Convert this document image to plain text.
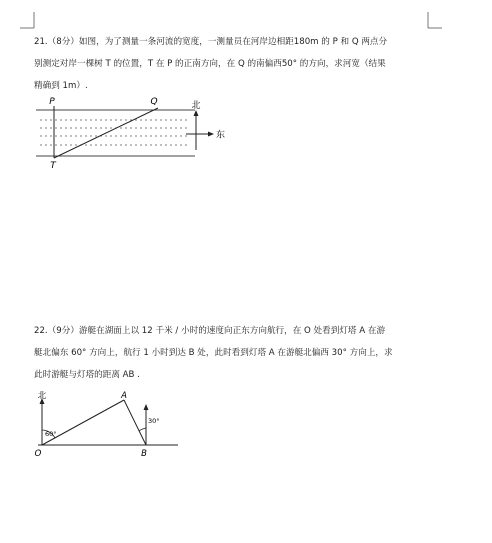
21.（8分）如图，为了测量一条河流的宽度，一测量员在河岸边相距180m 的 P 和 Q 两点分
别测定对岸一棵树 T 的位置，T 在 P 的正南方向，在 Q 的南偏西50° 的方向，求河宽（结果
精确到 1m）.
P	Q
T
北
东
22.（9分）游艇在湖面上以 12 千米 / 小时的速度向正东方向航行，在 O 处看到灯塔 A 在游
艇北偏东 60° 方向上，航行 1 小时到达 B 处，此时看到灯塔 A 在游艇北偏西 30° 方向上，求
此时游艇与灯塔的距离 AB .
北
60°
30°
A
O	B
